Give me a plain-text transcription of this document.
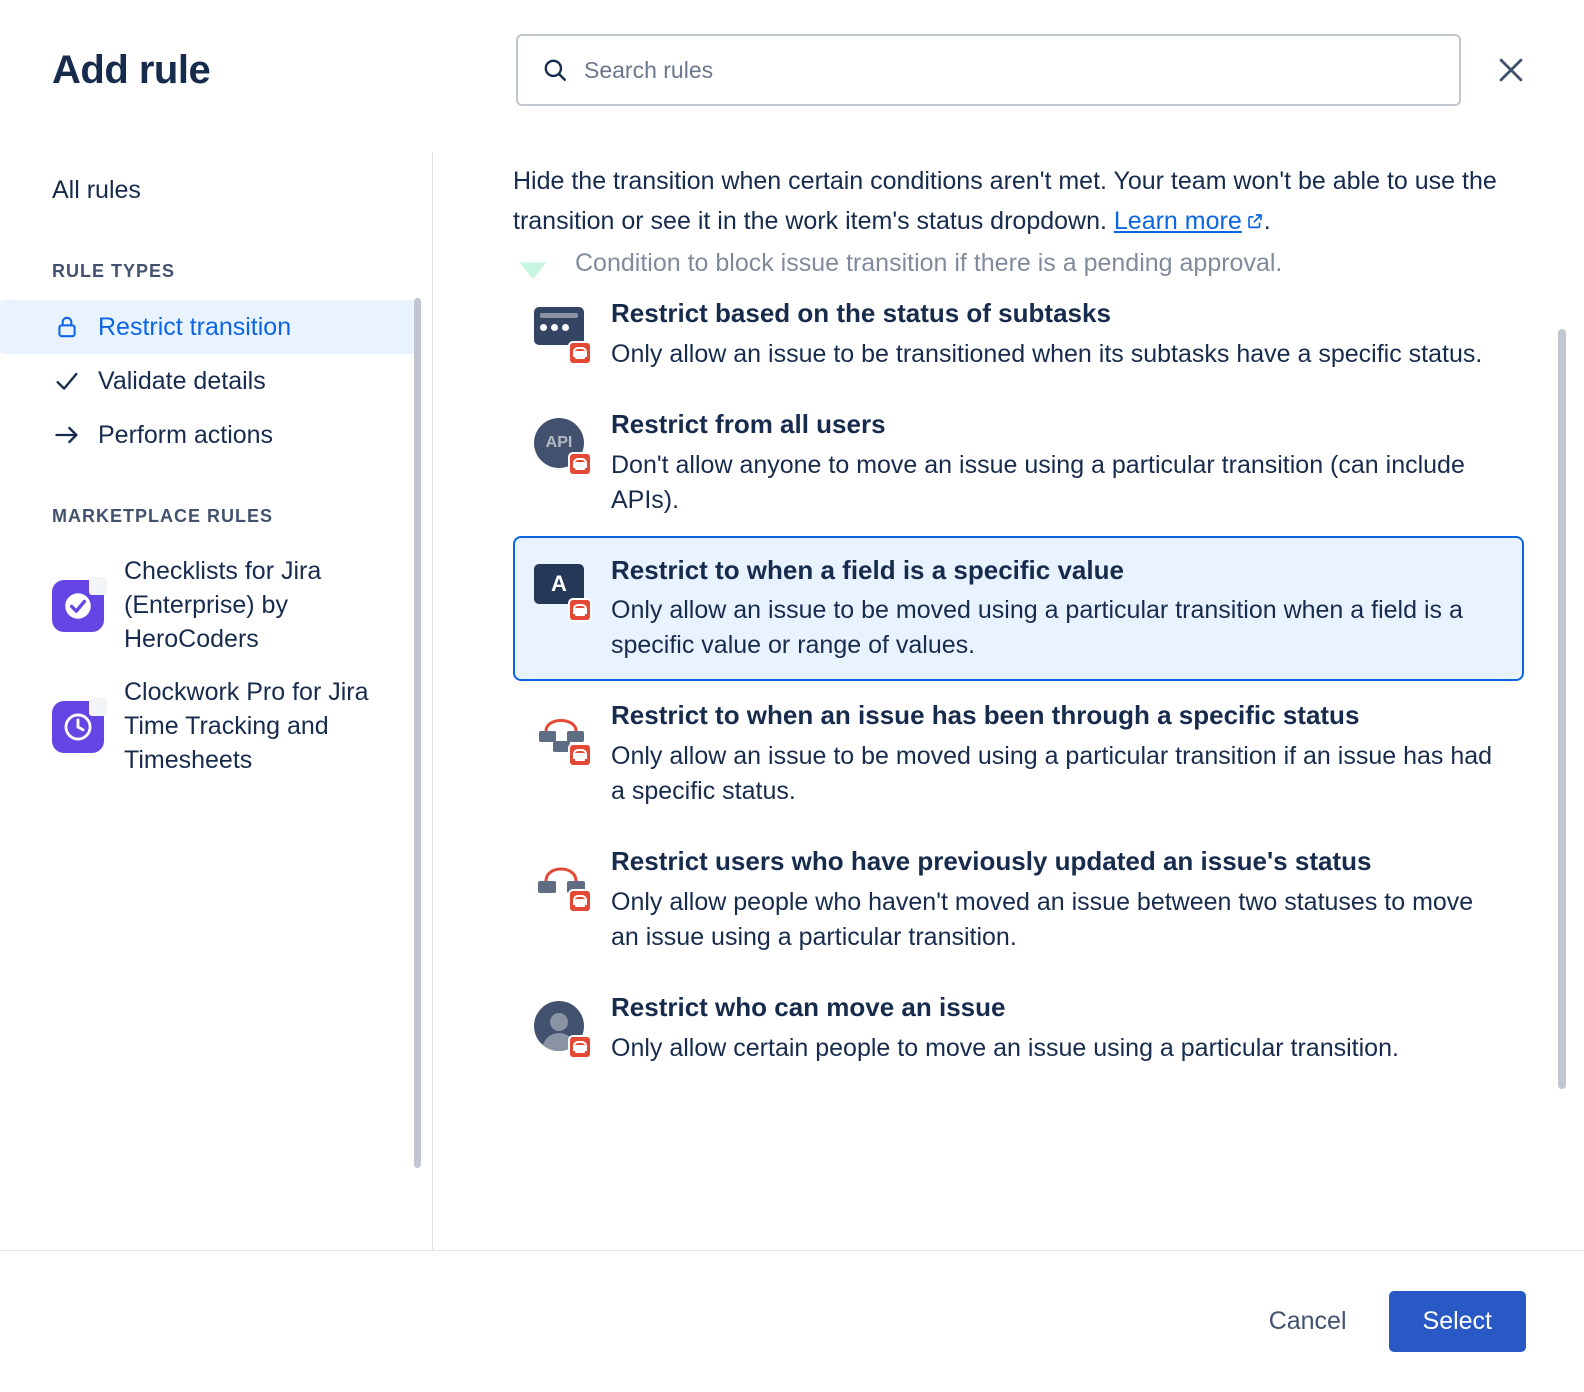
Add rule
Search rules
All rules
RULE TYPES
Restrict transition
Validate details
Perform actions
MARKETPLACE RULES
Checklists for Jira (Enterprise) by HeroCoders
Clockwork Pro for Jira Time Tracking and Timesheets
Hide the transition when certain conditions aren't met. Your team won't be able to use the transition or see it in the work item's status dropdown. Learn more .
Condition to block issue transition if there is a pending approval.
Restrict based on the status of subtasks

Only allow an issue to be transitioned when its subtasks have a specific status.

API
Restrict from all users

Don't allow anyone to move an issue using a particular transition (can include APIs).

A	Restrict to when a field is a specific value

Only allow an issue to be moved using a particular transition when a field is a specific value or range of values.

Restrict to when an issue has been through a specific status

Only allow an issue to be moved using a particular transition if an issue has had a specific status.

Restrict users who have previously updated an issue's status

Only allow people who haven't moved an issue between two statuses to move an issue using a particular transition.

Restrict who can move an issue

Only allow certain people to move an issue using a particular transition.

Cancel	Select
